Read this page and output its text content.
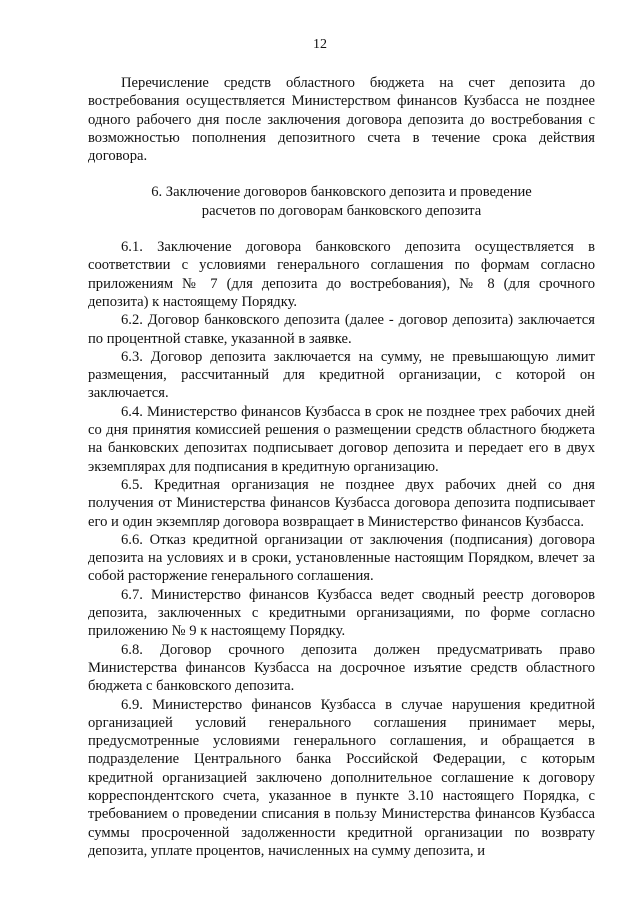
12

Перечисление средств областного бюджета на счет депозита до востребования осуществляется Министерством финансов Кузбасса не позднее одного рабочего дня после заключения договора депозита до востребования с возможностью пополнения депозитного счета в течение срока действия договора.

6. Заключение договоров банковского депозита и проведение
расчетов по договорам банковского депозита

6.1. Заключение договора банковского депозита осуществляется в соответствии с условиями генерального соглашения по формам согласно приложениям № 7 (для депозита до востребования), № 8 (для срочного депозита) к настоящему Порядку.

6.2. Договор банковского депозита (далее - договор депозита) заключается по процентной ставке, указанной в заявке.

6.3. Договор депозита заключается на сумму, не превышающую лимит размещения, рассчитанный для кредитной организации, с которой он заключается.

6.4. Министерство финансов Кузбасса в срок не позднее трех рабочих дней со дня принятия комиссией решения о размещении средств областного бюджета на банковских депозитах подписывает договор депозита и передает его в двух экземплярах для подписания в кредитную организацию.

6.5. Кредитная организация не позднее двух рабочих дней со дня получения от Министерства финансов Кузбасса договора депозита подписывает его и один экземпляр договора возвращает в Министерство финансов Кузбасса.

6.6. Отказ кредитной организации от заключения (подписания) договора депозита на условиях и в сроки, установленные настоящим Порядком, влечет за собой расторжение генерального соглашения.

6.7. Министерство финансов Кузбасса ведет сводный реестр договоров депозита, заключенных с кредитными организациями, по форме согласно приложению № 9 к настоящему Порядку.

6.8. Договор срочного депозита должен предусматривать право Министерства финансов Кузбасса на досрочное изъятие средств областного бюджета с банковского депозита.

6.9. Министерство финансов Кузбасса в случае нарушения кредитной организацией условий генерального соглашения принимает меры, предусмотренные условиями генерального соглашения, и обращается в подразделение Центрального банка Российской Федерации, с которым кредитной организацией заключено дополнительное соглашение к договору корреспондентского счета, указанное в пункте 3.10 настоящего Порядка, с требованием о проведении списания в пользу Министерства финансов Кузбасса суммы просроченной задолженности кредитной организации по возврату депозита, уплате процентов, начисленных на сумму депозита, и
